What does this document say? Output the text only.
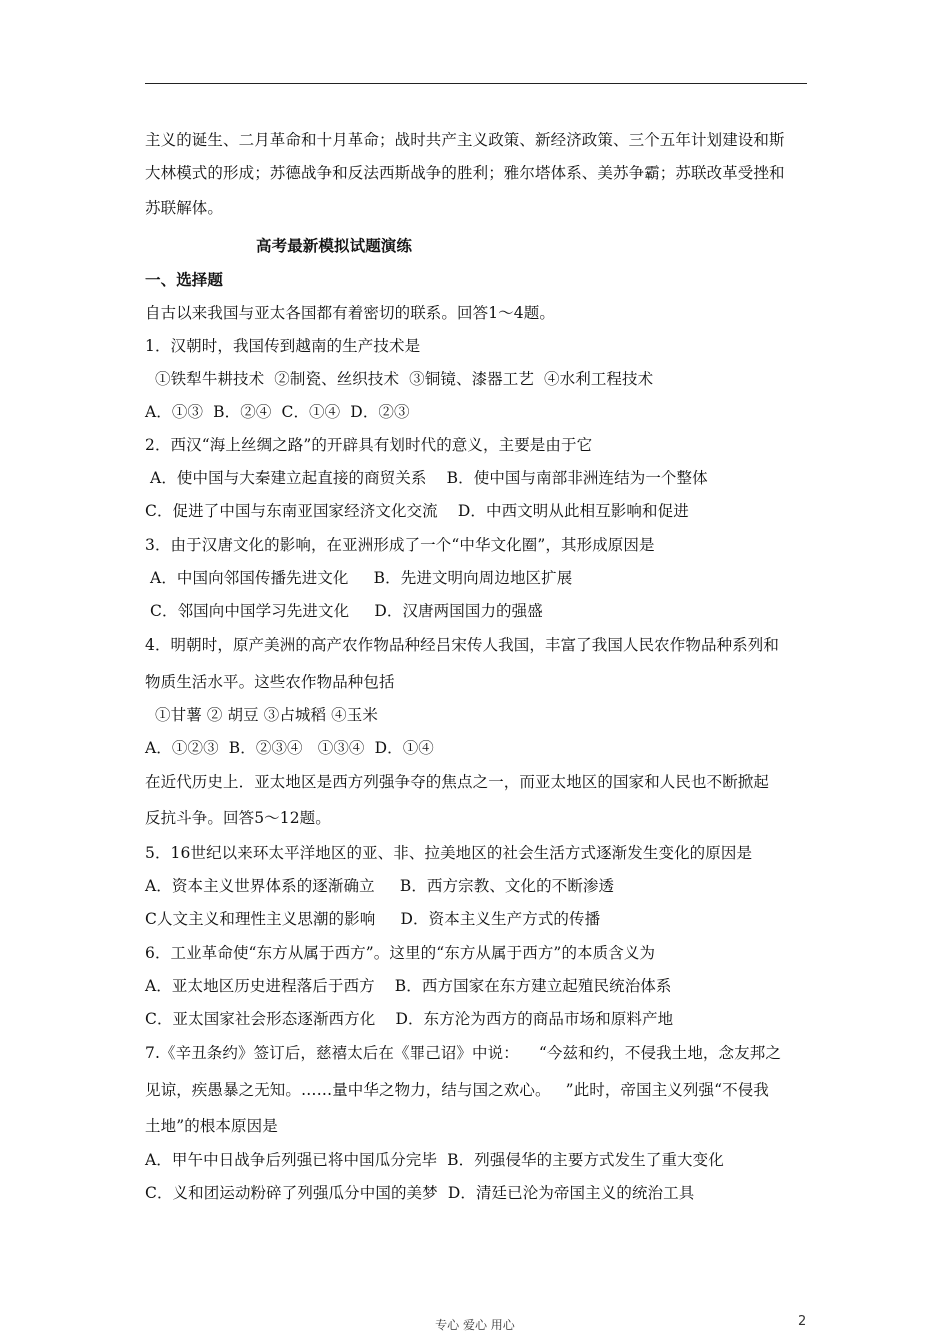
主义的诞生、二月革命和十月革命；战时共产主义政策、新经济政策、三个五年计划建设和斯
大林模式的形成；苏德战争和反法西斯战争的胜利；雅尔塔体系、美苏争霸；苏联改革受挫和
苏联解体。
高考最新模拟试题演练
一、选择题
自古以来我国与亚太各国都有着密切的联系。回答1～4题。
1．汉朝时，我国传到越南的生产技术是
①铁犁牛耕技术  ②制瓷、丝织技术  ③铜镜、漆器工艺  ④水利工程技术
A．①③  B．②④  C．①④  D．②③
2．西汉“海上丝绸之路”的开辟具有划时代的意义，主要是由于它
A．使中国与大秦建立起直接的商贸关系    B．使中国与南部非洲连结为一个整体
C．促进了中国与东南亚国家经济文化交流    D．中西文明从此相互影响和促进
3．由于汉唐文化的影响，在亚洲形成了一个“中华文化圈”，其形成原因是
A．中国向邻国传播先进文化     B．先进文明向周边地区扩展
C．邻国向中国学习先进文化     D．汉唐两国国力的强盛
4．明朝时，原产美洲的高产农作物品种经吕宋传人我国，丰富了我国人民农作物品种系列和
物质生活水平。这些农作物品种包括
①甘薯 ② 胡豆 ③占城稻 ④玉米
A．①②③  B．②③④   ①③④  D．①④
在近代历史上．亚太地区是西方列强争夺的焦点之一，而亚太地区的国家和人民也不断掀起
反抗斗争。回答5～12题。
5．16世纪以来环太平洋地区的亚、非、拉美地区的社会生活方式逐渐发生变化的原因是
A．资本主义世界体系的逐渐确立     B．西方宗教、文化的不断渗透
C人文主义和理性主义思潮的影响     D．资本主义生产方式的传播
6．工业革命使“东方从属于西方”。这里的“东方从属于西方”的本质含义为
A．亚太地区历史进程落后于西方    B．西方国家在东方建立起殖民统治体系
C．亚太国家社会形态逐渐西方化    D．东方沦为西方的商品市场和原料产地
7.《辛丑条约》签订后，慈禧太后在《罪己诏》中说：    “今兹和约，不侵我土地，念友邦之
见谅，疾愚暴之无知。……量中华之物力，结与国之欢心。   ”此时，帝国主义列强“不侵我
土地”的根本原因是
A．甲午中日战争后列强已将中国瓜分完毕  B．列强侵华的主要方式发生了重大变化
C．义和团运动粉碎了列强瓜分中国的美梦  D．清廷已沦为帝国主义的统治工具
专心 爱心 用心	2
